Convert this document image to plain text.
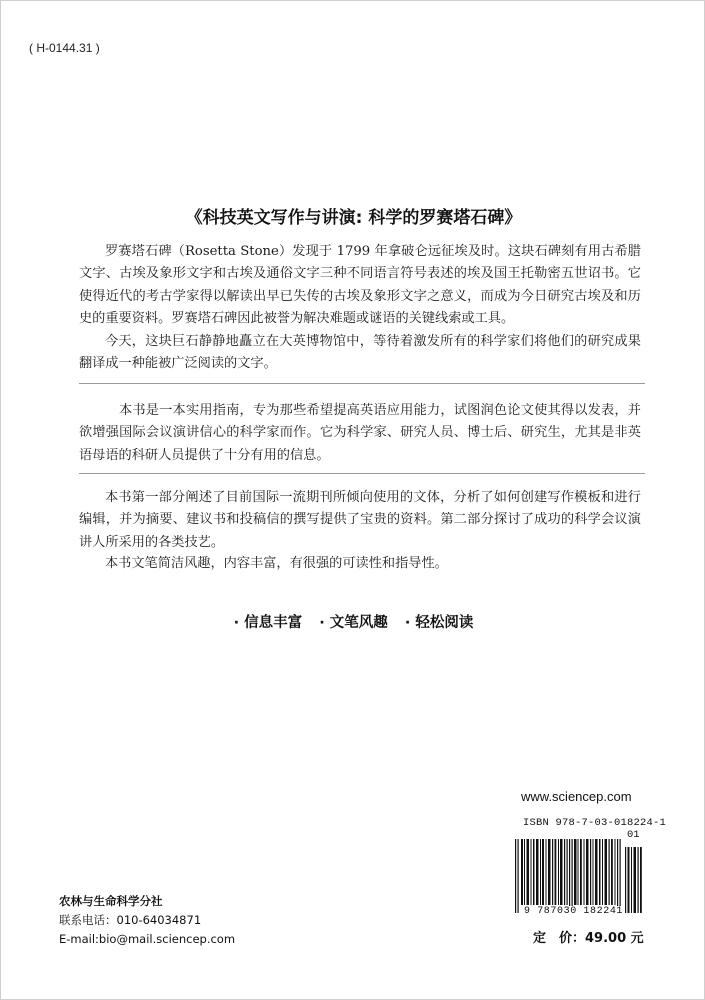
( H-0144.31 )
《科技英文写作与讲演: 科学的罗赛塔石碑》

罗赛塔石碑（Rosetta Stone）发现于 1799 年拿破仑远征埃及时。这块石碑刻有用古希腊文字、古埃及象形文字和古埃及通俗文字三种不同语言符号表述的埃及国王托勒密五世诏书。它使得近代的考古学家得以解读出早已失传的古埃及象形文字之意义，而成为今日研究古埃及和历史的重要资料。罗赛塔石碑因此被誉为解决难题或谜语的关键线索或工具。

今天，这块巨石静静地矗立在大英博物馆中，等待着激发所有的科学家们将他们的研究成果翻译成一种能被广泛阅读的文字。

本书是一本实用指南，专为那些希望提高英语应用能力，试图润色论文使其得以发表，并欲增强国际会议演讲信心的科学家而作。它为科学家、研究人员、博士后、研究生，尤其是非英语母语的科研人员提供了十分有用的信息。

本书第一部分阐述了目前国际一流期刊所倾向使用的文体，分析了如何创建写作模板和进行编辑，并为摘要、建议书和投稿信的撰写提供了宝贵的资料。第二部分探讨了成功的科学会议演讲人所采用的各类技艺。

本书文笔简洁风趣，内容丰富，有很强的可读性和指导性。

· 信息丰富 · 文笔风趣 · 轻松阅读
www.sciencep.com
ISBN 978-7-03-018224-1
01
9 787030 182241
定　价：49.00 元
农林与生命科学分社
联系电话：010-64034871
E-mail:bio@mail.sciencep.com
